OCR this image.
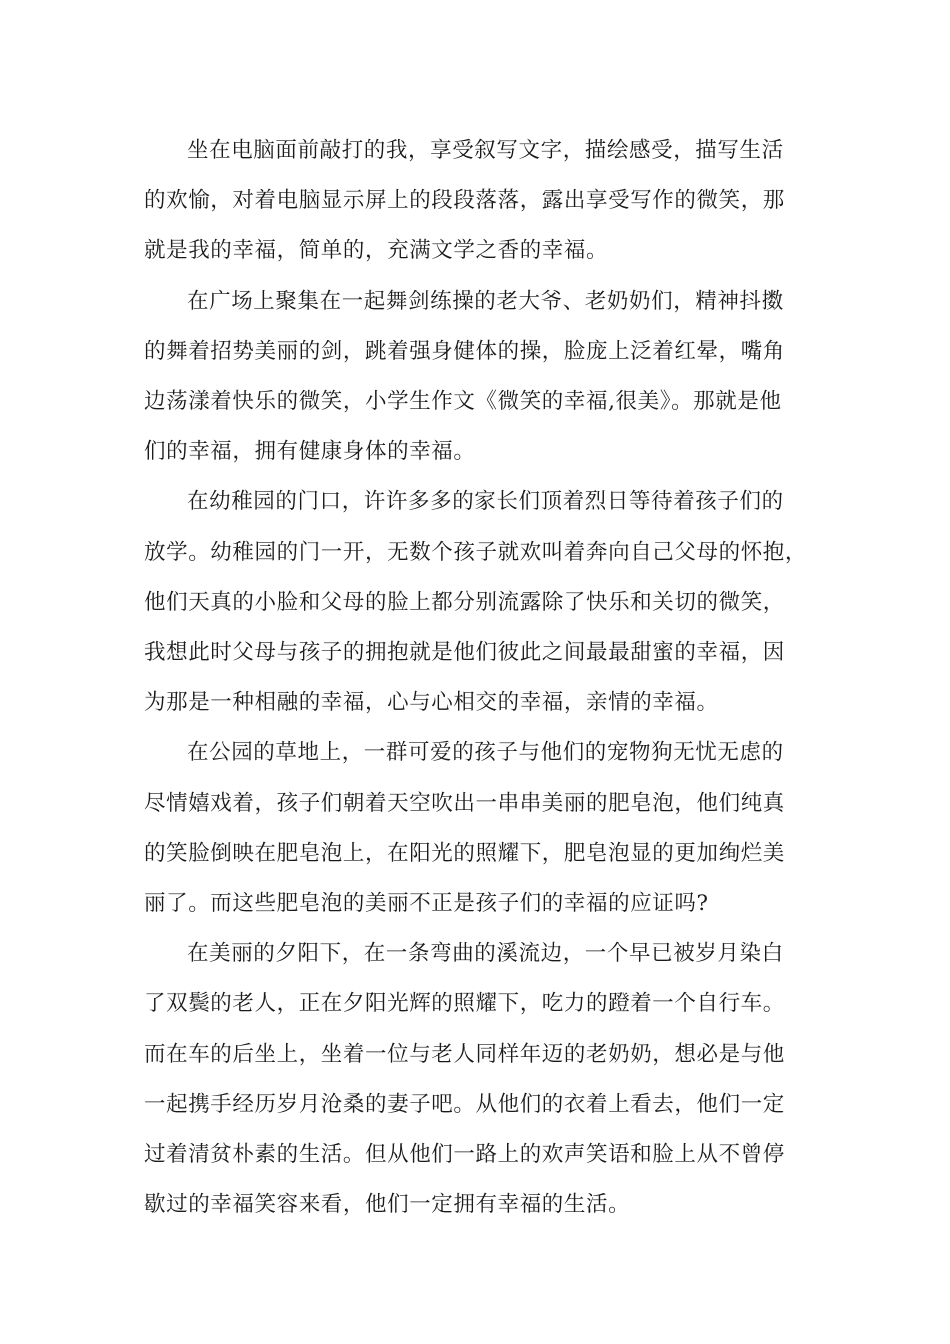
坐在电脑面前敲打的我，享受叙写文字，描绘感受，描写生活
的欢愉，对着电脑显示屏上的段段落落，露出享受写作的微笑，那
就是我的幸福，简单的，充满文学之香的幸福。

在广场上聚集在一起舞剑练操的老大爷、老奶奶们，精神抖擞
的舞着招势美丽的剑，跳着强身健体的操，脸庞上泛着红晕，嘴角
边荡漾着快乐的微笑，小学生作文《微笑的幸福,很美》。那就是他
们的幸福，拥有健康身体的幸福。

在幼稚园的门口，许许多多的家长们顶着烈日等待着孩子们的
放学。幼稚园的门一开，无数个孩子就欢叫着奔向自己父母的怀抱，
他们天真的小脸和父母的脸上都分别流露除了快乐和关切的微笑，
我想此时父母与孩子的拥抱就是他们彼此之间最最甜蜜的幸福，因
为那是一种相融的幸福，心与心相交的幸福，亲情的幸福。

在公园的草地上，一群可爱的孩子与他们的宠物狗无忧无虑的
尽情嬉戏着，孩子们朝着天空吹出一串串美丽的肥皂泡，他们纯真
的笑脸倒映在肥皂泡上，在阳光的照耀下，肥皂泡显的更加绚烂美
丽了。而这些肥皂泡的美丽不正是孩子们的幸福的应证吗?

在美丽的夕阳下，在一条弯曲的溪流边，一个早已被岁月染白
了双鬓的老人，正在夕阳光辉的照耀下，吃力的蹬着一个自行车。
而在车的后坐上，坐着一位与老人同样年迈的老奶奶，想必是与他
一起携手经历岁月沧桑的妻子吧。从他们的衣着上看去，他们一定
过着清贫朴素的生活。但从他们一路上的欢声笑语和脸上从不曾停
歇过的幸福笑容来看，他们一定拥有幸福的生活。
